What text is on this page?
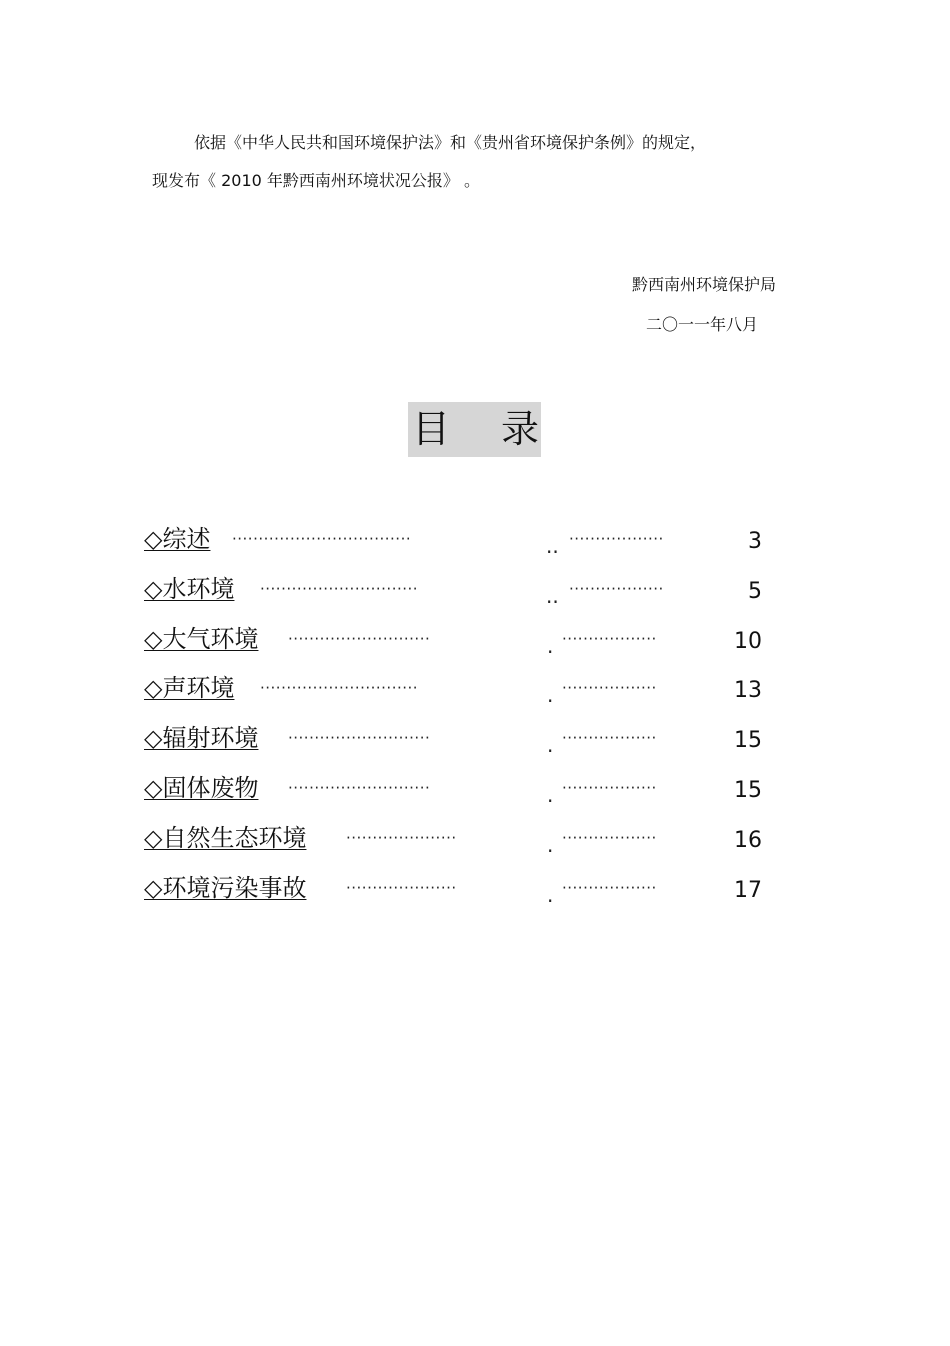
依据《中华人民共和国环境保护法》和《贵州省环境保护条例》的规定，
现发布《 2010 年黔西南州环境状况公报》 。
黔西南州环境保护局
二〇一一年八月
目 录
◇综述 ··································	.. ··················	3
◇水环境 ······························	.. ··················	5
◇大气环境 ···························	. ··················	10
◇声环境 ······························	. ··················	13
◇辐射环境 ···························	. ··················	15
◇固体废物 ···························	. ··················	15
◇自然生态环境	·····················	. ··················	16
◇环境污染事故	·····················	. ··················	17
